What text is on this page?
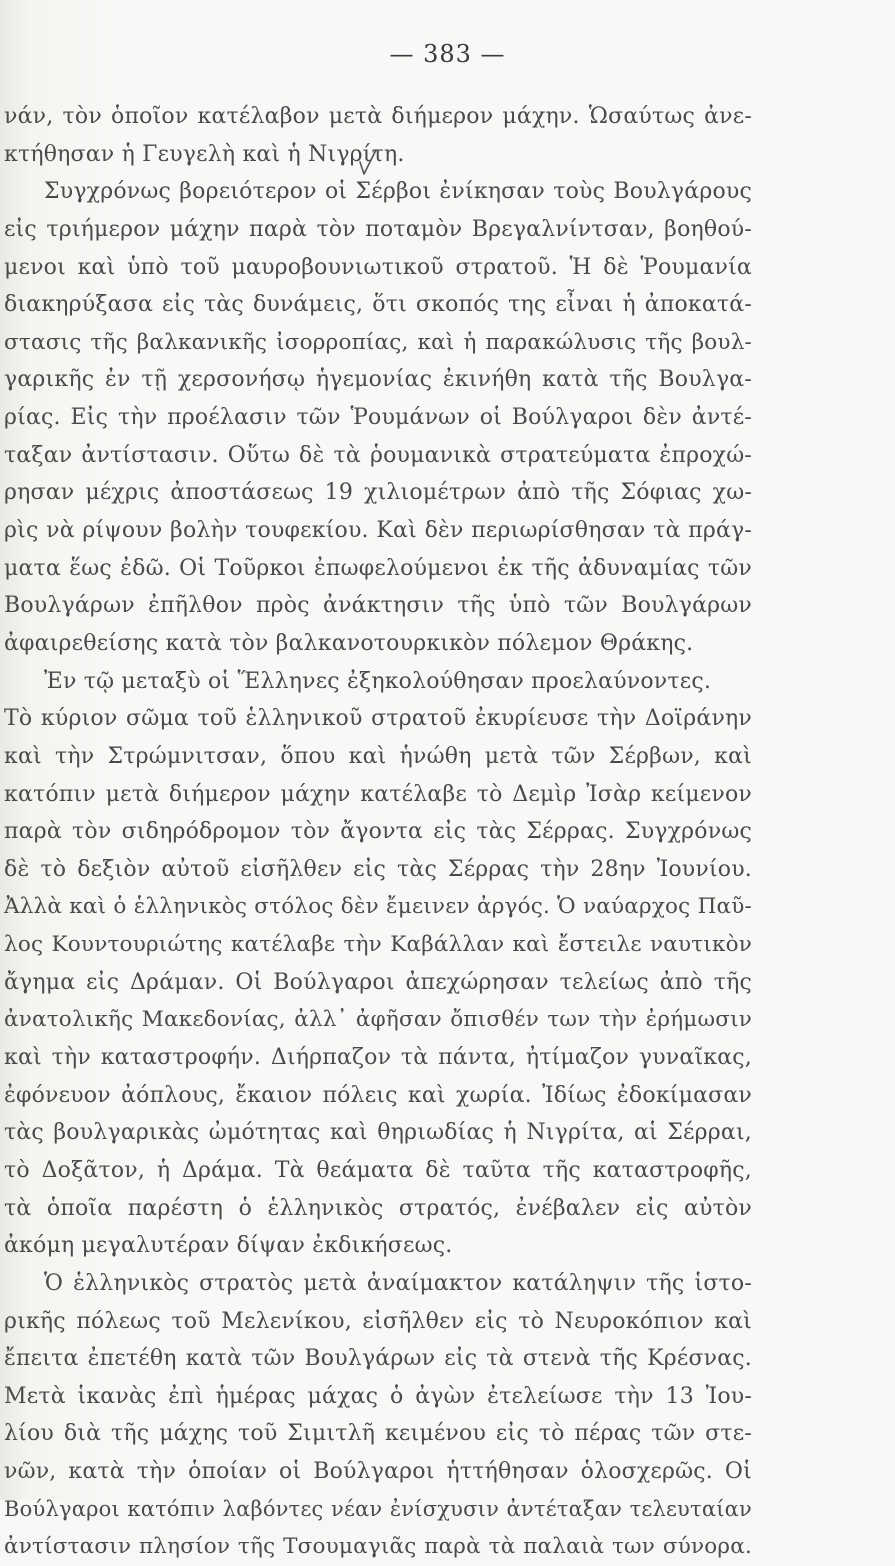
— 383 —
νάν, τὸν ὁποῖον κατέλαβον μετὰ διήμερον μάχην. Ὡσαύτως ἀνε-
κτήθησαν ἡ Γευγελὴ καὶ ἡ Νιγρίτη.
Συγχρόνως βορειότερον οἱ Σέρβοι ἐνίκησαν τοὺς Βουλγάρους
εἰς τριήμερον μάχην παρὰ τὸν ποταμὸν Βρεγαλνίντσαν, βοηθού-
μενοι καὶ ὑπὸ τοῦ μαυροβουνιωτικοῦ στρατοῦ. Ἡ δὲ Ῥουμανία
διακηρύξασα εἰς τὰς δυνάμεις, ὅτι σκοπός της εἶναι ἡ ἀποκατά-
στασις τῆς βαλκανικῆς ἰσορροπίας, καὶ ἡ παρακώλυσις τῆς βουλ-
γαρικῆς ἐν τῇ χερσονήσῳ ἡγεμονίας ἐκινήθη κατὰ τῆς Βουλγα-
ρίας. Εἰς τὴν προέλασιν τῶν Ῥουμάνων οἱ Βούλγαροι δὲν ἀντέ-
ταξαν ἀντίστασιν. Οὕτω δὲ τὰ ῥουμανικὰ στρατεύματα ἐπροχώ-
ρησαν μέχρις ἀποστάσεως 19 χιλιομέτρων ἀπὸ τῆς Σόφιας χω-
ρὶς νὰ ρίψουν βολὴν τουφεκίου. Καὶ δὲν περιωρίσθησαν τὰ πράγ-
ματα ἕως ἐδῶ. Οἱ Τοῦρκοι ἐπωφελούμενοι ἐκ τῆς ἀδυναμίας τῶν
Βουλγάρων ἐπῆλθον πρὸς ἀνάκτησιν τῆς ὑπὸ τῶν Βουλγάρων
ἀφαιρεθείσης κατὰ τὸν βαλκανοτουρκικὸν πόλεμον Θράκης.
Ἐν τῷ μεταξὺ οἱ Ἕλληνες ἐξηκολούθησαν προελαύνοντες.
Τὸ κύριον σῶμα τοῦ ἑλληνικοῦ στρατοῦ ἐκυρίευσε τὴν Δοϊράνην
καὶ τὴν Στρώμνιτσαν, ὅπου καὶ ἡνώθη μετὰ τῶν Σέρβων, καὶ
κατόπιν μετὰ διήμερον μάχην κατέλαβε τὸ Δεμὶρ Ἰσὰρ κείμενον
παρὰ τὸν σιδηρόδρομον τὸν ἄγοντα εἰς τὰς Σέρρας. Συγχρόνως
δὲ τὸ δεξιὸν αὐτοῦ εἰσῆλθεν εἰς τὰς Σέρρας τὴν 28ην Ἰουνίου.
Ἀλλὰ καὶ ὁ ἑλληνικὸς στόλος δὲν ἔμεινεν ἀργός. Ὁ ναύαρχος Παῦ-
λος Κουντουριώτης κατέλαβε τὴν Καβάλλαν καὶ ἔστειλε ναυτικὸν
ἄγημα εἰς Δράμαν. Οἱ Βούλγαροι ἀπεχώρησαν τελείως ἀπὸ τῆς
ἀνατολικῆς Μακεδονίας, ἀλλ᾽ ἀφῆσαν ὄπισθέν των τὴν ἐρήμωσιν
καὶ τὴν καταστροφήν. Διήρπαζον τὰ πάντα, ἠτίμαζον γυναῖκας,
ἐφόνευον ἀόπλους, ἔκαιον πόλεις καὶ χωρία. Ἰδίως ἐδοκίμασαν
τὰς βουλγαρικὰς ὠμότητας καὶ θηριωδίας ἡ Νιγρίτα, αἱ Σέρραι,
τὸ Δοξᾶτον, ἡ Δράμα. Τὰ θεάματα δὲ ταῦτα τῆς καταστροφῆς,
τὰ ὁποῖα παρέστη ὁ ἑλληνικὸς στρατός, ἐνέβαλεν εἰς αὐτὸν
ἀκόμη μεγαλυτέραν δίψαν ἐκδικήσεως.
Ὁ ἑλληνικὸς στρατὸς μετὰ ἀναίμακτον κατάληψιν τῆς ἱστο-
ρικῆς πόλεως τοῦ Μελενίκου, εἰσῆλθεν εἰς τὸ Νευροκόπιον καὶ
ἔπειτα ἐπετέθη κατὰ τῶν Βουλγάρων εἰς τὰ στενὰ τῆς Κρέσνας.
Μετὰ ἱκανὰς ἐπὶ ἡμέρας μάχας ὁ ἀγὼν ἐτελείωσε τὴν 13 Ἰου-
λίου διὰ τῆς μάχης τοῦ Σιμιτλῆ κειμένου εἰς τὸ πέρας τῶν στε-
νῶν, κατὰ τὴν ὁποίαν οἱ Βούλγαροι ἡττήθησαν ὁλοσχερῶς. Οἱ
Βούλγαροι κατόπιν λαβόντες νέαν ἐνίσχυσιν ἀντέταξαν τελευταίαν
ἀντίστασιν πλησίον τῆς Τσουμαγιᾶς παρὰ τὰ παλαιὰ των σύνορα.
